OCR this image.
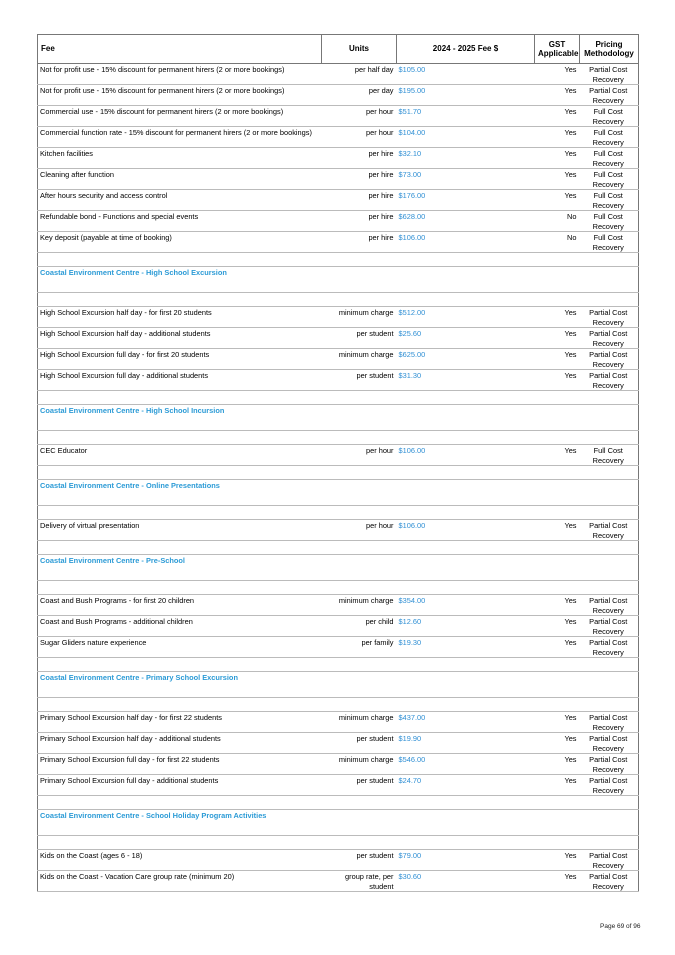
Fee	Units	2024 - 2025 Fee $	GST Applicable	Pricing Methodology
Not for profit use - 15% discount for permanent hirers (2 or more bookings)	per half day	$105.00	Yes	Partial Cost Recovery
Not for profit use - 15% discount for permanent hirers (2 or more bookings)	per day	$195.00	Yes	Partial Cost Recovery
Commercial use - 15% discount for permanent hirers (2 or more bookings)	per hour	$51.70	Yes	Full Cost Recovery
Commercial function rate - 15% discount for permanent hirers (2 or more bookings)	per hour	$104.00	Yes	Full Cost Recovery
Kitchen facilities	per hire	$32.10	Yes	Full Cost Recovery
Cleaning after function	per hire	$73.00	Yes	Full Cost Recovery
After hours security and access control	per hire	$176.00	Yes	Full Cost Recovery
Refundable bond - Functions and special events	per hire	$628.00	No	Full Cost Recovery
Key deposit (payable at time of booking)	per hire	$106.00	No	Full Cost Recovery

Coastal Environment Centre - High School Excursion				

High School Excursion half day - for first 20 students	minimum charge	$512.00	Yes	Partial Cost Recovery
High School Excursion half day - additional students	per student	$25.60	Yes	Partial Cost Recovery
High School Excursion full day - for first 20 students	minimum charge	$625.00	Yes	Partial Cost Recovery
High School Excursion full day - additional students	per student	$31.30	Yes	Partial Cost Recovery

Coastal Environment Centre - High School Incursion				

CEC Educator	per hour	$106.00	Yes	Full Cost Recovery

Coastal Environment Centre - Online Presentations				

Delivery of virtual presentation	per hour	$106.00	Yes	Partial Cost Recovery

Coastal Environment Centre - Pre-School				

Coast and Bush Programs - for first 20 children	minimum charge	$354.00	Yes	Partial Cost Recovery
Coast and Bush Programs - additional children	per child	$12.60	Yes	Partial Cost Recovery
Sugar Gliders nature experience	per family	$19.30	Yes	Partial Cost Recovery

Coastal Environment Centre - Primary School Excursion				

Primary School Excursion half day - for first 22 students	minimum charge	$437.00	Yes	Partial Cost Recovery
Primary School Excursion half day - additional students	per student	$19.90	Yes	Partial Cost Recovery
Primary School Excursion full day - for first 22 students	minimum charge	$546.00	Yes	Partial Cost Recovery
Primary School Excursion full day - additional students	per student	$24.70	Yes	Partial Cost Recovery

Coastal Environment Centre - School Holiday Program Activities				

Kids on the Coast (ages 6 - 18)	per student	$79.00	Yes	Partial Cost Recovery
Kids on the Coast - Vacation Care group rate (minimum 20)	group rate, per student	$30.60	Yes	Partial Cost Recovery
Page 69 of 96
